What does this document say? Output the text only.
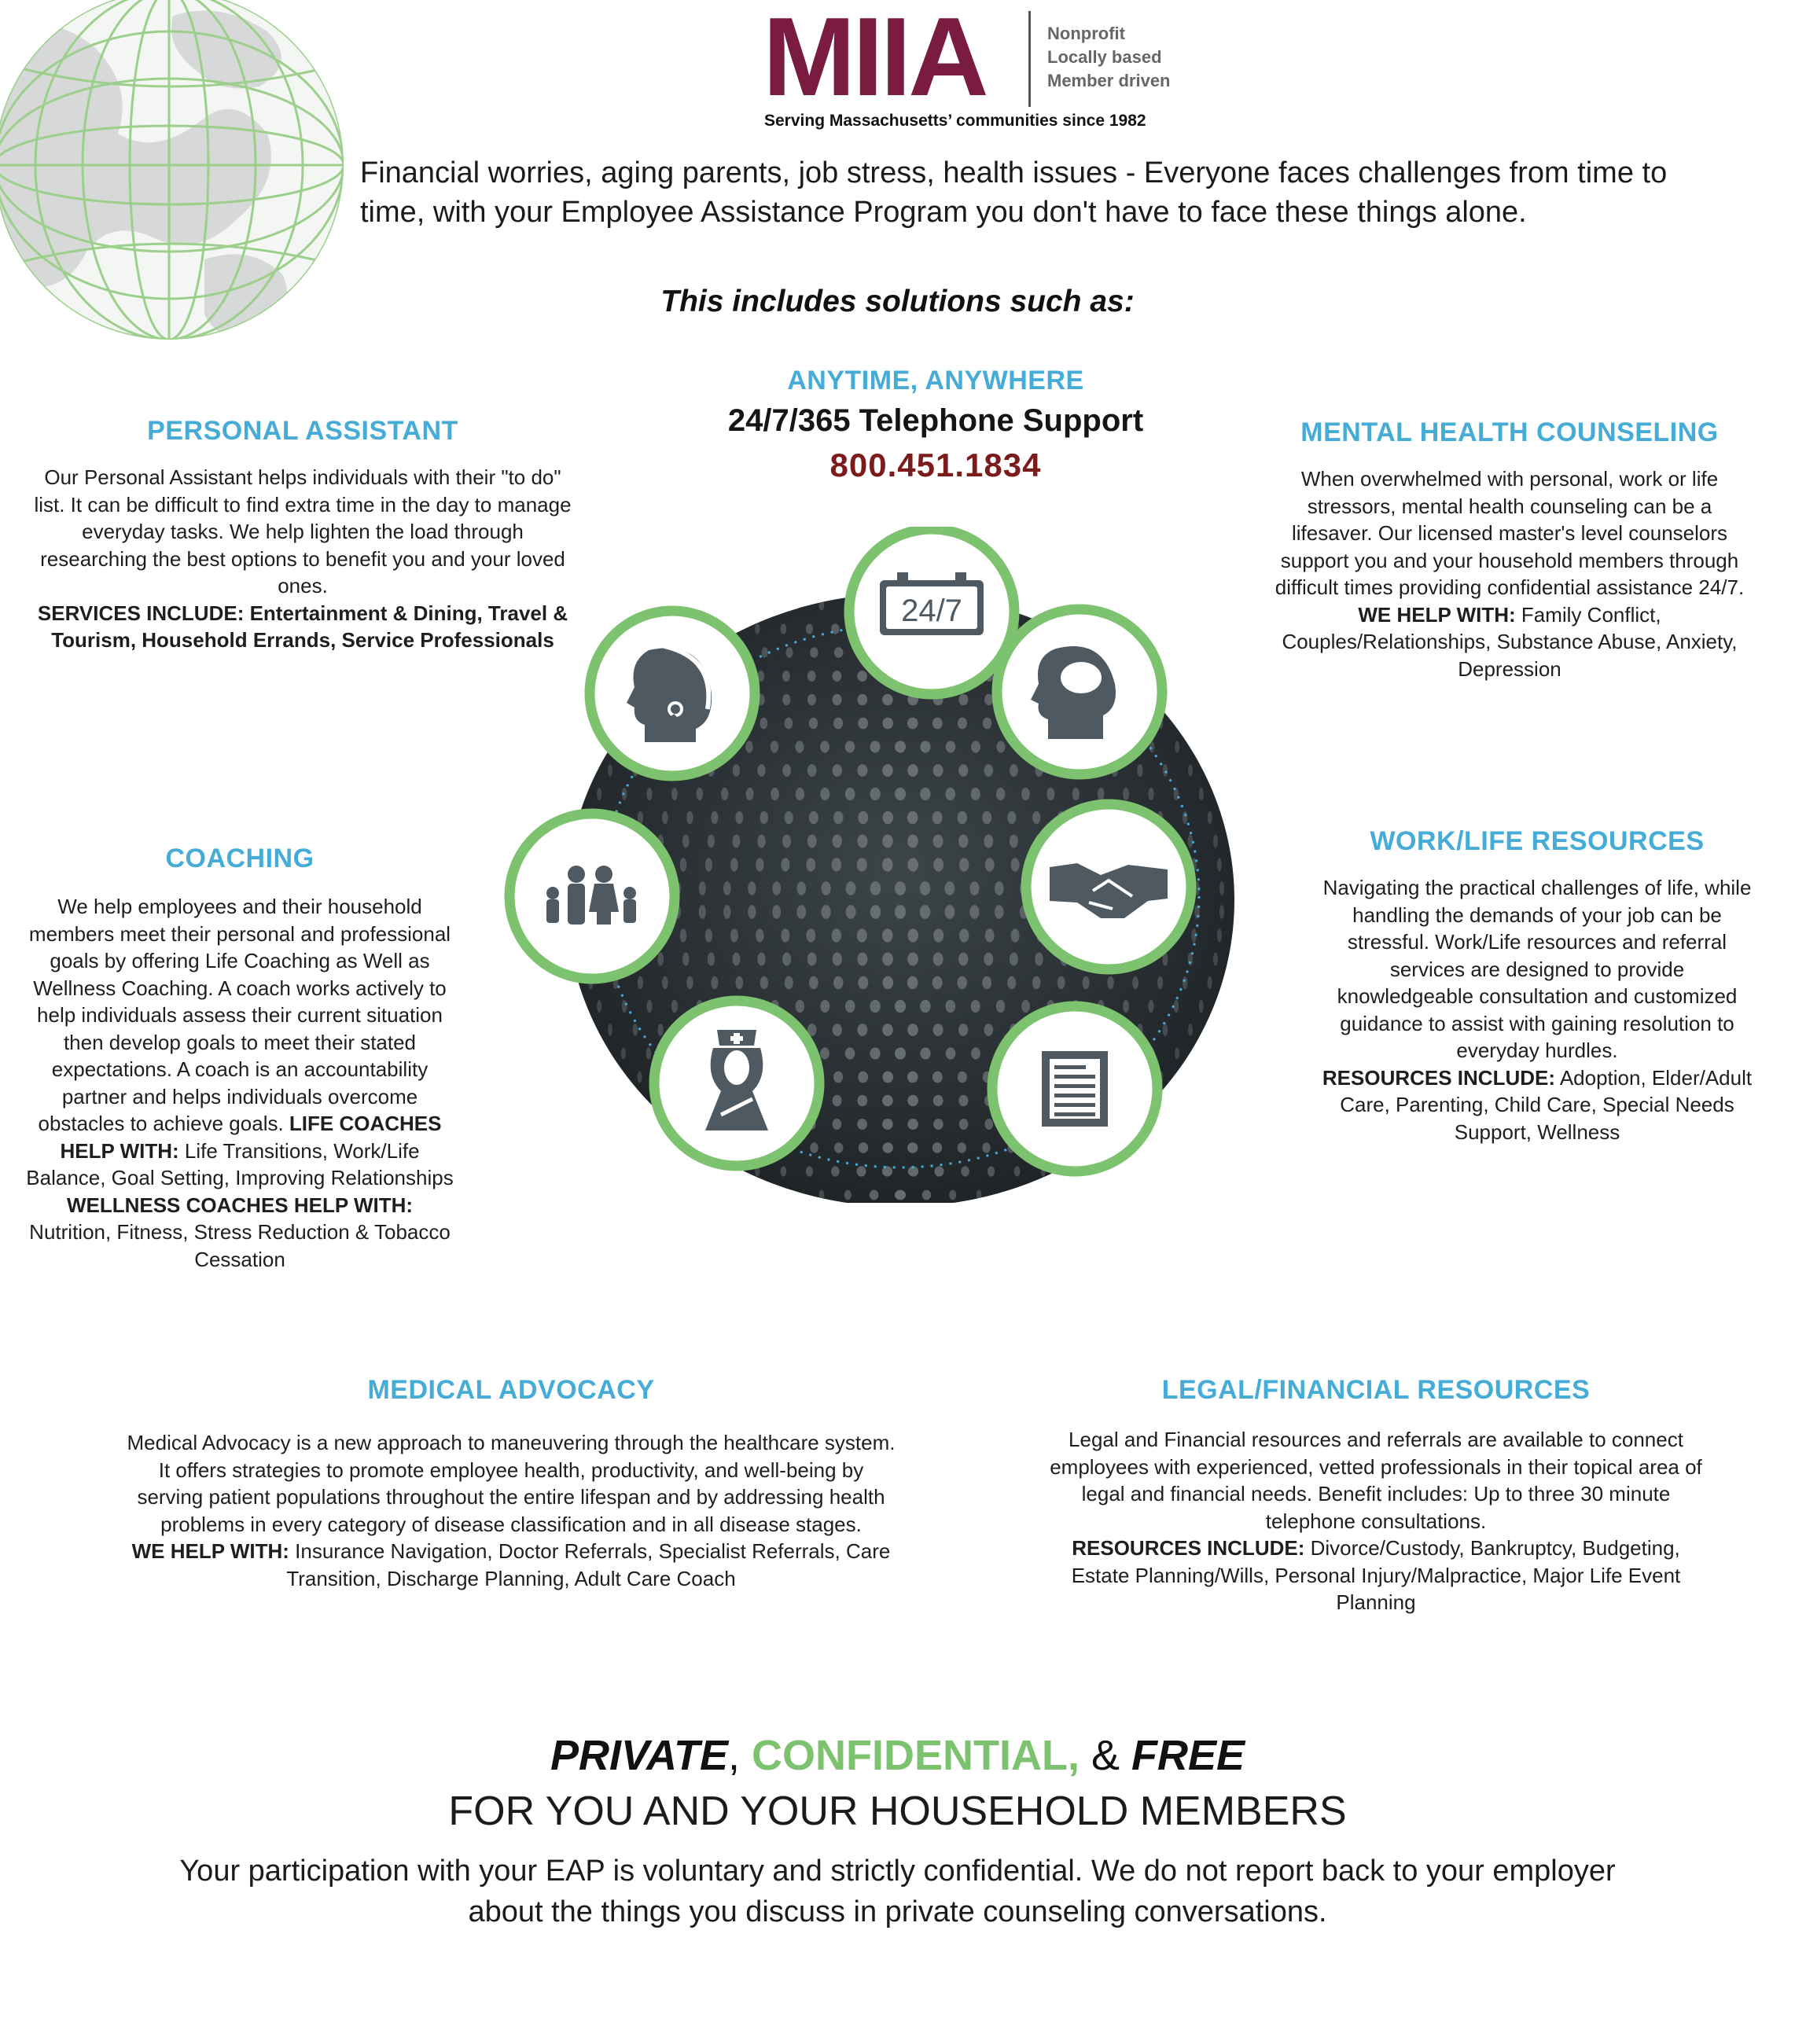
MIIA	Nonprofit
Locally based
Member driven
Serving Massachusetts’ communities since 1982
Financial worries, aging parents, job stress, health issues - Everyone faces challenges from time to time, with your Employee Assistance Program you don't have to face these things alone.
This includes solutions such as:
ANYTIME, ANYWHERE
24/7/365 Telephone Support
800.451.1834
PERSONAL ASSISTANT
Our Personal Assistant helps individuals with their "to do" list. It can be difficult to find extra time in the day to manage everyday tasks. We help lighten the load through researching the best options to benefit you and your loved ones.
SERVICES INCLUDE: Entertainment & Dining, Travel & Tourism, Household Errands, Service Professionals
MENTAL HEALTH COUNSELING
When overwhelmed with personal, work or life stressors, mental health counseling can be a lifesaver. Our licensed master's level counselors support you and your household members through difficult times providing confidential assistance 24/7.
WE HELP WITH: Family Conflict, Couples/Relationships, Substance Abuse, Anxiety, Depression
COACHING
We help employees and their household members meet their personal and professional goals by offering Life Coaching as Well as Wellness Coaching. A coach works actively to help individuals assess their current situation then develop goals to meet their stated expectations. A coach is an accountability partner and helps individuals overcome obstacles to achieve goals. LIFE COACHES HELP WITH: Life Transitions, Work/Life Balance, Goal Setting, Improving Relationships WELLNESS COACHES HELP WITH: Nutrition, Fitness, Stress Reduction & Tobacco Cessation
WORK/LIFE RESOURCES
Navigating the practical challenges of life, while handling the demands of your job can be stressful. Work/Life resources and referral services are designed to provide knowledgeable consultation and customized guidance to assist with gaining resolution to everyday hurdles.
RESOURCES INCLUDE: Adoption, Elder/Adult Care, Parenting, Child Care, Special Needs Support, Wellness
MEDICAL ADVOCACY
Medical Advocacy is a new approach to maneuvering through the healthcare system. It offers strategies to promote employee health, productivity, and well-being by serving patient populations throughout the entire lifespan and by addressing health problems in every category of disease classification and in all disease stages.
WE HELP WITH: Insurance Navigation, Doctor Referrals, Specialist Referrals, Care Transition, Discharge Planning, Adult Care Coach
LEGAL/FINANCIAL RESOURCES
Legal and Financial resources and referrals are available to connect employees with experienced, vetted professionals in their topical area of legal and financial needs. Benefit includes: Up to three 30 minute telephone consultations.
RESOURCES INCLUDE: Divorce/Custody, Bankruptcy, Budgeting, Estate Planning/Wills, Personal Injury/Malpractice, Major Life Event Planning
24/7
PRIVATE, CONFIDENTIAL, & FREE
FOR YOU AND YOUR HOUSEHOLD MEMBERS
Your participation with your EAP is voluntary and strictly confidential. We do not report back to your employer about the things you discuss in private counseling conversations.
